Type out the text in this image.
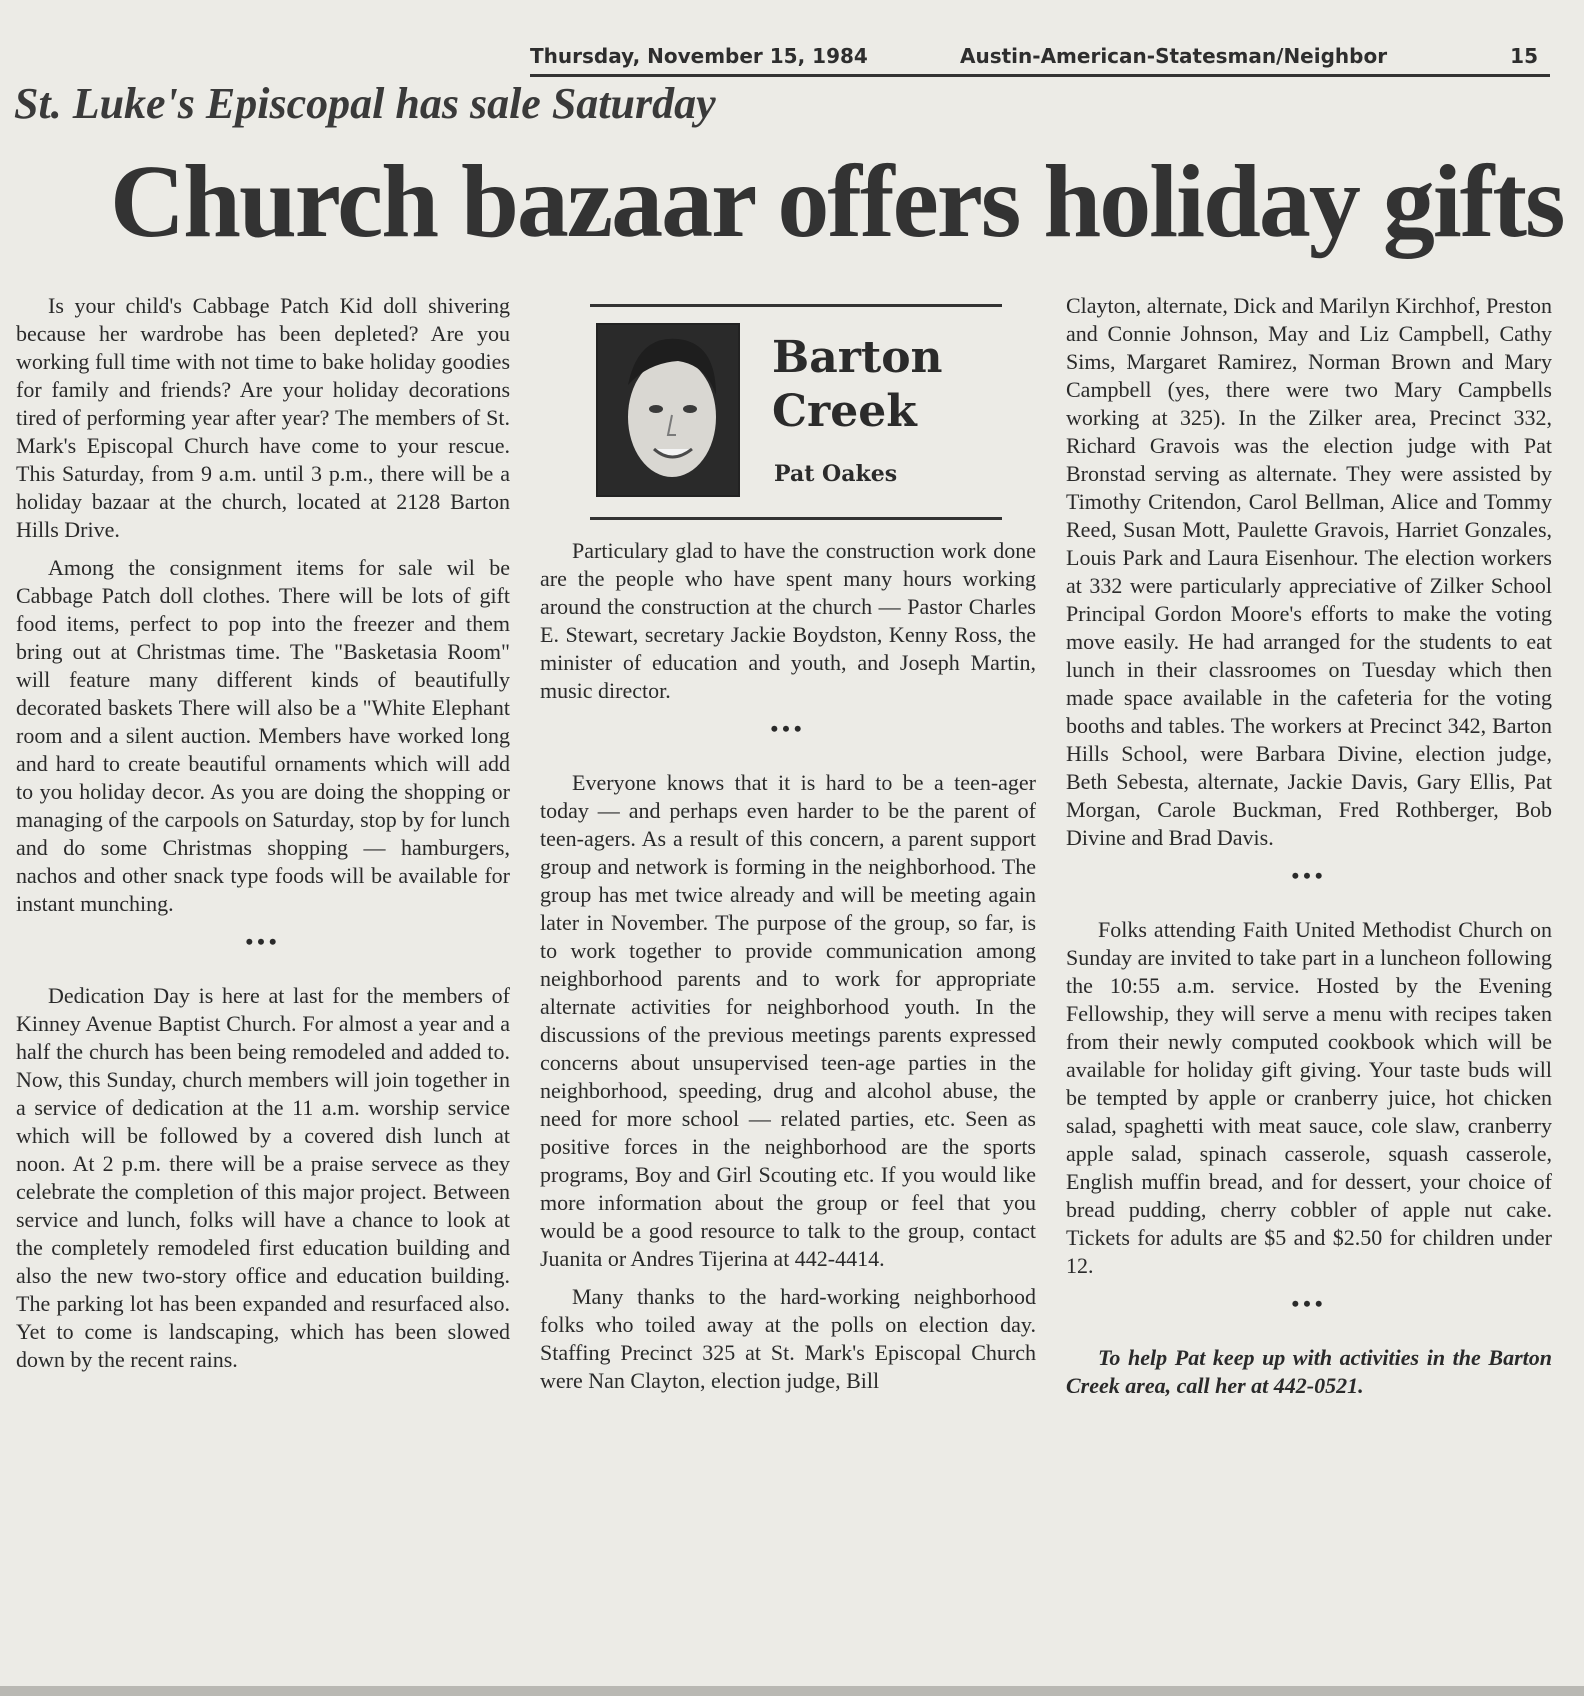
Thursday, November 15, 1984	Austin-American-Statesman/Neighbor	15
St. Luke's Episcopal has sale Saturday
Church bazaar offers holiday gifts

Is your child's Cabbage Patch Kid doll shivering because her wardrobe has been depleted? Are you working full time with not time to bake holiday goodies for family and friends? Are your holiday decorations tired of performing year after year? The members of St. Mark's Episcopal Church have come to your rescue. This Saturday, from 9 a.m. until 3 p.m., there will be a holiday bazaar at the church, located at 2128 Barton Hills Drive.

Among the consignment items for sale wil be Cabbage Patch doll clothes. There will be lots of gift food items, perfect to pop into the freezer and them bring out at Christmas time. The "Basketasia Room" will feature many different kinds of beautifully decorated baskets There will also be a "White Elephant room and a silent auction. Members have worked long and hard to create beautiful ornaments which will add to you holiday decor. As you are doing the shopping or managing of the carpools on Saturday, stop by for lunch and do some Christmas shopping — hamburgers, nachos and other snack type foods will be available for instant munching.

•••

Dedication Day is here at last for the members of Kinney Avenue Baptist Church. For almost a year and a half the church has been being remodeled and added to. Now, this Sunday, church members will join together in a service of dedication at the 11 a.m. worship service which will be followed by a covered dish lunch at noon. At 2 p.m. there will be a praise servece as they celebrate the completion of this major project. Between service and lunch, folks will have a chance to look at the completely remodeled first education building and also the new two-story office and education building. The parking lot has been expanded and resurfaced also. Yet to come is landscaping, which has been slowed down by the recent rains.

Barton
Creek
Pat Oakes

Particulary glad to have the construction work done are the people who have spent many hours working around the construction at the church — Pastor Charles E. Stewart, secretary Jackie Boydston, Kenny Ross, the minister of education and youth, and Joseph Martin, music director.

•••

Everyone knows that it is hard to be a teen-ager today — and perhaps even harder to be the parent of teen-agers. As a result of this concern, a parent support group and network is forming in the neighborhood. The group has met twice already and will be meeting again later in November. The purpose of the group, so far, is to work together to provide communication among neighborhood parents and to work for appropriate alternate activities for neighborhood youth. In the discussions of the previous meetings parents expressed concerns about unsupervised teen-age parties in the neighborhood, speeding, drug and alcohol abuse, the need for more school — related parties, etc. Seen as positive forces in the neighborhood are the sports programs, Boy and Girl Scouting etc. If you would like more information about the group or feel that you would be a good resource to talk to the group, contact Juanita or Andres Tijerina at 442-4414.

Many thanks to the hard-working neighborhood folks who toiled away at the polls on election day. Staffing Precinct 325 at St. Mark's Episcopal Church were Nan Clayton, election judge, Bill

Clayton, alternate, Dick and Marilyn Kirchhof, Preston and Connie Johnson, May and Liz Campbell, Cathy Sims, Margaret Ramirez, Norman Brown and Mary Campbell (yes, there were two Mary Campbells working at 325). In the Zilker area, Precinct 332, Richard Gravois was the election judge with Pat Bronstad serving as alternate. They were assisted by Timothy Critendon, Carol Bellman, Alice and Tommy Reed, Susan Mott, Paulette Gravois, Harriet Gonzales, Louis Park and Laura Eisenhour. The election workers at 332 were particularly appreciative of Zilker School Principal Gordon Moore's efforts to make the voting move easily. He had arranged for the students to eat lunch in their classroomes on Tuesday which then made space available in the cafeteria for the voting booths and tables. The workers at Precinct 342, Barton Hills School, were Barbara Divine, election judge, Beth Sebesta, alternate, Jackie Davis, Gary Ellis, Pat Morgan, Carole Buckman, Fred Rothberger, Bob Divine and Brad Davis.

•••

Folks attending Faith United Methodist Church on Sunday are invited to take part in a luncheon following the 10:55 a.m. service. Hosted by the Evening Fellowship, they will serve a menu with recipes taken from their newly computed cookbook which will be available for holiday gift giving. Your taste buds will be tempted by apple or cranberry juice, hot chicken salad, spaghetti with meat sauce, cole slaw, cranberry apple salad, spinach casserole, squash casserole, English muffin bread, and for dessert, your choice of bread pudding, cherry cobbler of apple nut cake. Tickets for adults are $5 and $2.50 for children under 12.

•••

To help Pat keep up with activities in the Barton Creek area, call her at 442-0521.
